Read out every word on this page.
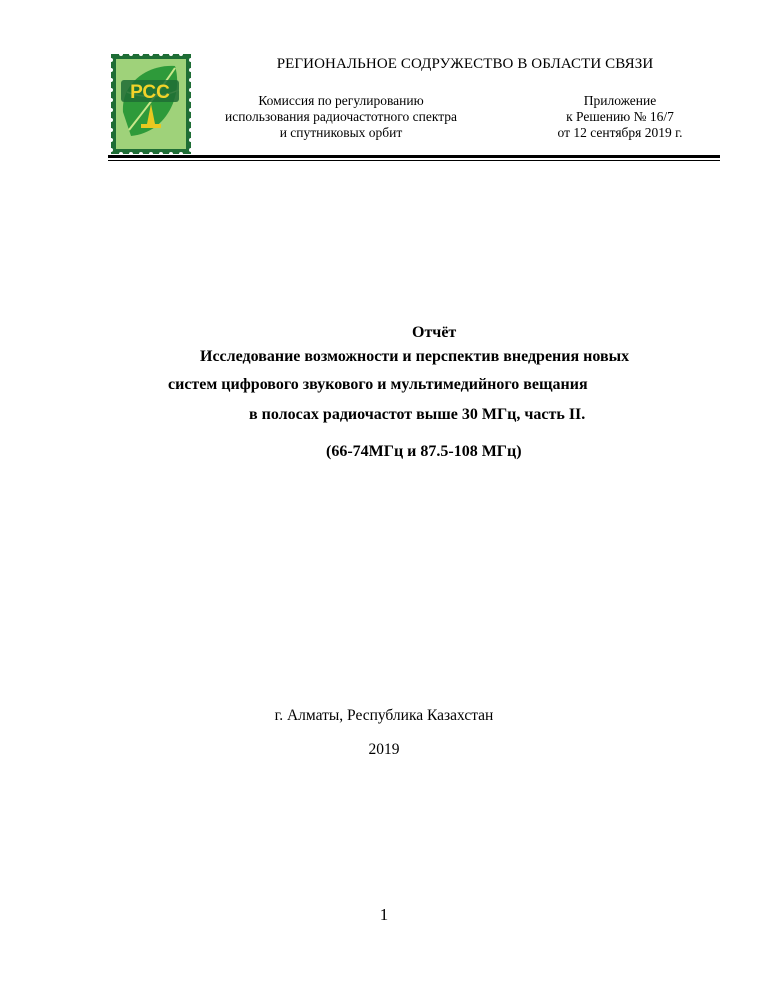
РСС
РЕГИОНАЛЬНОЕ СОДРУЖЕСТВО В ОБЛАСТИ СВЯЗИ
Комиссия по регулированию
использования радиочастотного спектра
и спутниковых орбит
Приложение
к Решению № 16/7
от 12 сентября 2019 г.
Отчёт
Исследование возможности и перспектив внедрения новых
систем цифрового звукового и мультимедийного вещания
в полосах радиочастот выше 30 МГц, часть II.
(66-74МГц и 87.5-108 МГц)
г. Алматы, Республика Казахстан
2019
1
